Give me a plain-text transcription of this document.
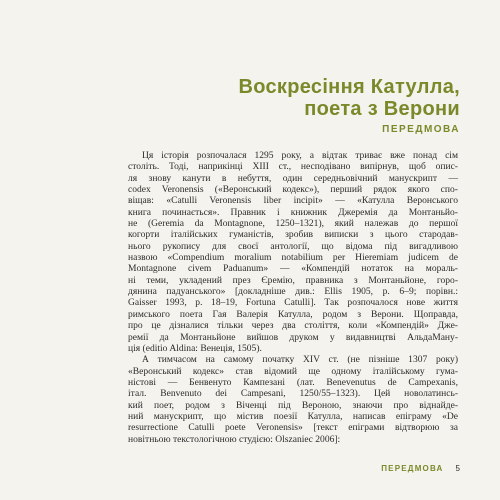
Воскресіння Катулла,
поета з Верони
ПЕРЕДМОВА
Ця історія розпочалася 1295 року, а відтак триває вже понад сім
століть. Тоді, наприкінці XIII ст., несподівано випірнув, щоб опис-
ля знову канути в небуття, один середньовічний манускрипт —
codex Veronensis («Веронський кодекс»), перший рядок якого спо-
віщав: «Catulli Veronensis liber incipit» — «Катулла Веронського
книга починається». Правник і книжник Джеремія да Монтаньйо-
не (Geremia da Montagnone, 1250–1321), який належав до першої
когорти італійських гуманістів, зробив виписки з цього стародав-
нього рукопису для своєї антології, що відома під вигадливою
назвою «Compendium moralium notabilium per Hieremiam judicem de
Montagnone civem Paduanum» — «Компендій нотаток на мораль-
ні теми, укладений през Єремію, правника з Монтаньйоне, горо-
дянина падуанського» [докладніше див.: Ellis 1905, p. 6–9; порівн.:
Gaisser 1993, p. 18–19, Fortuna Catulli]. Так розпочалося нове життя
римського поета Гая Валерія Катулла, родом з Верони. Щоправда,
про це дізналися тільки через два століття, коли «Компендій» Дже-
ремії да Монтаньйоне вийшов друком у видавництві АльдаМану-
ція (editio Aldina: Венеція, 1505).
А тимчасом на самому початку XIV ст. (не пізніше 1307 року)
«Веронський кодекс» став відомий ще одному італійському гума-
ністові — Бенвенуто Кампезані (лат. Benevenutus de Campexanis,
італ. Benvenuto dei Campesani, 1250/55–1323). Цей новолатинсь-
кий поет, родом з Віченці під Вероною, знаючи про віднайде-
ний манускрипт, що містив поезії Катулла, написав епіграму «De
resurrectione Catulli poete Veronensis» [текст епіграми відтворюю за
новітньою текстологічною студією: Olszaniec 2006]:
ПЕРЕДМОВА 5
